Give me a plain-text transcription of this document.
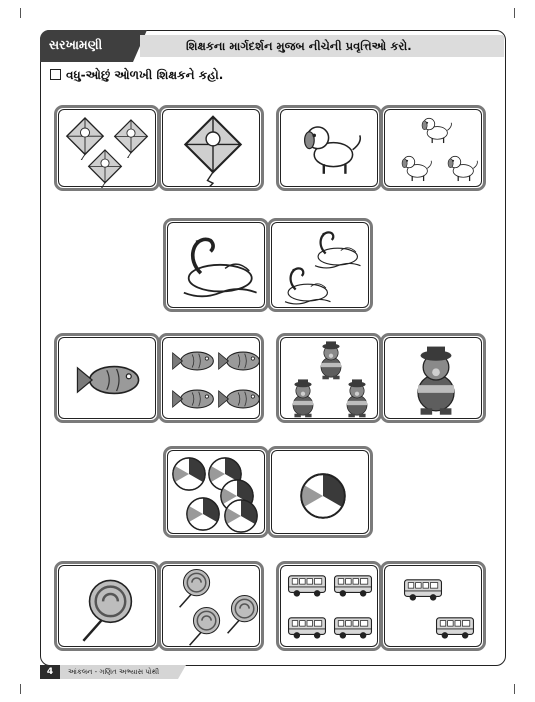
સરખામણી	શિક્ષકના માર્ગદર્શન મુજબ નીચેની પ્રવૃત્તિઓ કરો.
વધુ-ઓછું ઓળખી શિક્ષકને કહો.
4	આંકલન - ગણિત અભ્યાસ પોથી
